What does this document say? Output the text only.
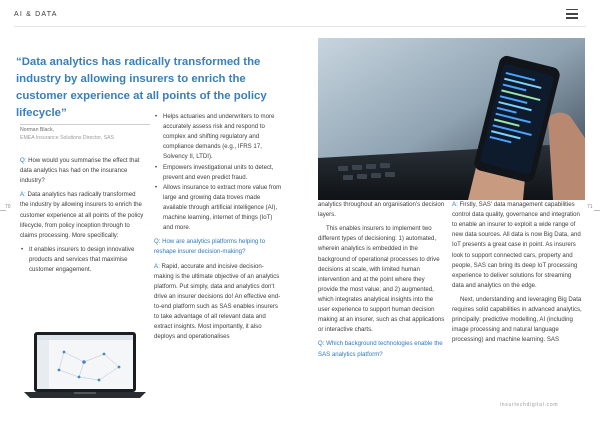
AI & DATA
“Data analytics has radically transformed the industry by allowing insurers to enrich the customer experience at all points of the policy lifecycle”
Norman Black,
EMEA Insurance Solutions Director, SAS

Q: How would you summarise the effect that data analytics has had on the insurance industry?

A: Data analytics has radically transformed the industry by allowing insurers to enrich the customer experience at all points of the policy lifecycle, from policy inception through to claims processing. More specifically:

• It enables insurers to design innovative products and services that maximise customer engagement.
• Helps actuaries and underwriters to more accurately assess risk and respond to complex and shifting regulatory and compliance demands (e.g., IFRS 17, Solvency II, LTDI).
• Empowers investigational units to detect, prevent and even predict fraud.
• Allows insurance to extract more value from large and growing data troves made available through artificial intelligence (AI), machine learning, internet of things (IoT) and more.

Q: How are analytics platforms helping to reshape insurer decision-making?

A: Rapid, accurate and incisive decision-making is the ultimate objective of an analytics platform. Put simply, data and analytics don't drive an insurer decisions do! An effective end-to-end platform such as SAS enables insurers to take advantage of all relevant data and extract insights. Most importantly, it also deploys and operationalises

analytics throughout an organisation's decision layers.

This enables insurers to implement two different types of decisioning: 1) automated, wherein analytics is embedded in the background of operational processes to drive decisions at scale, with limited human intervention and at the point where they provide the most value; and 2) augmented, which integrates analytical insights into the user experience to support human decision making at an insurer, such as chat applications or interactive charts.

Q: Which background technologies enable the SAS analytics platform?

A: Firstly, SAS' data management capabilities control data quality, governance and integration to enable an insurer to exploit a wide range of new data sources. All data is now Big Data, and IoT presents a great case in point. As insurers look to support connected cars, property and people, SAS can bring its deep IoT processing experience to deliver solutions for streaming data and analytics on the edge.

Next, understanding and leveraging Big Data requires solid capabilities in advanced analytics, principally: predictive modelling, AI (including image processing and natural language processing) and machine learning. SAS

70	71
insurtechdigital.com
